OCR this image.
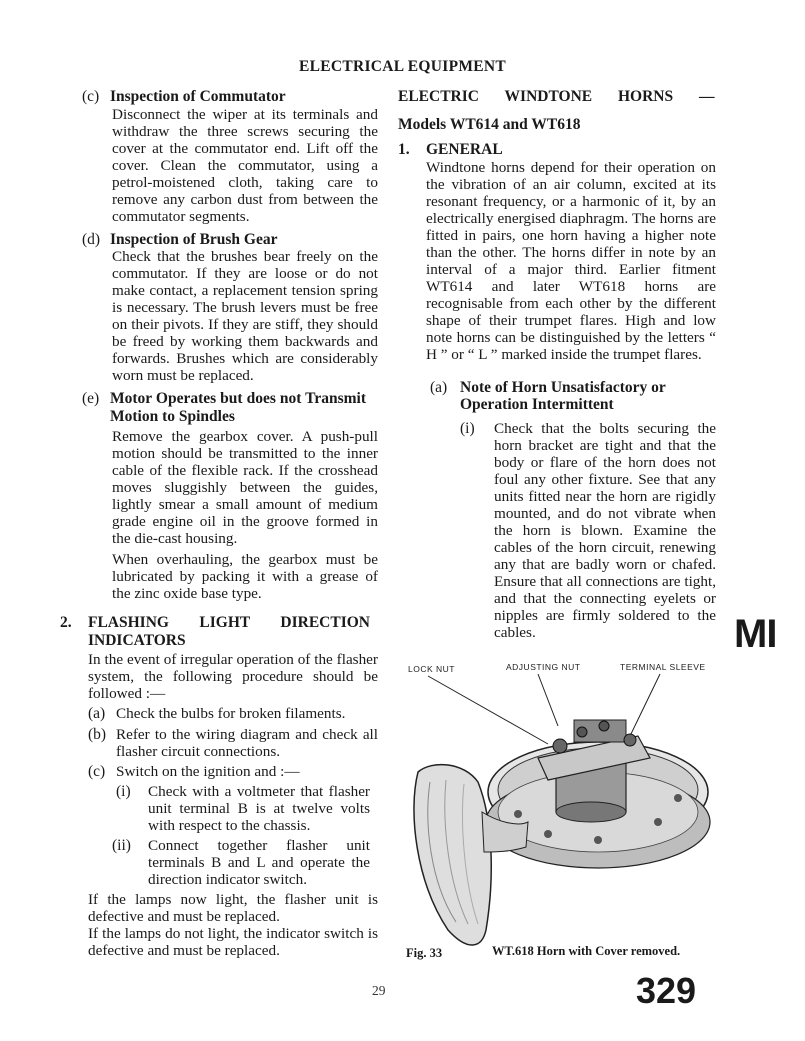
ELECTRICAL EQUIPMENT
(c) Inspection of Commutator

Disconnect the wiper at its terminals and withdraw the three screws securing the cover at the commutator end. Lift off the cover. Clean the commutator, using a petrol-moistened cloth, taking care to remove any carbon dust from between the commutator segments.

(d) Inspection of Brush Gear

Check that the brushes bear freely on the commutator. If they are loose or do not make contact, a replacement tension spring is necessary. The brush levers must be free on their pivots. If they are stiff, they should be freed by working them backwards and forwards. Brushes which are considerably worn must be replaced.

(e) Motor Operates but does not Transmit Motion to Spindles

Remove the gearbox cover. A push-pull motion should be transmitted to the inner cable of the flexible rack. If the crosshead moves sluggishly between the guides, lightly smear a small amount of medium grade engine oil in the groove formed in the die-cast housing.

When overhauling, the gearbox must be lubricated by packing it with a grease of the zinc oxide base type.

2.	FLASHING LIGHT DIRECTION INDICATORS

In the event of irregular operation of the flasher system, the following procedure should be followed :—

(a) Check the bulbs for broken filaments.
(b) Refer to the wiring diagram and check all flasher circuit connections.
(c) Switch on the ignition and :—
(i)	Check with a voltmeter that flasher unit terminal B is at twelve volts with respect to the chassis.
(ii)	Connect together flasher unit terminals B and L and operate the direction indicator switch.

If the lamps now light, the flasher unit is defective and must be replaced.

If the lamps do not light, the indicator switch is defective and must be replaced.

ELECTRIC WINDTONE HORNS —
Models WT614 and WT618
1.	GENERAL

Windtone horns depend for their operation on the vibration of an air column, excited at its resonant frequency, or a harmonic of it, by an electrically energised diaphragm. The horns are fitted in pairs, one horn having a higher note than the other. The horns differ in note by an interval of a major third. Earlier fitment WT614 and later WT618 horns are recognisable from each other by the different shape of their trumpet flares. High and low note horns can be distinguished by the letters “ H ” or “ L ” marked inside the trumpet flares.

(a) Note of Horn Unsatisfactory or Operation Intermittent
(i)	Check that the bolts securing the horn bracket are tight and that the body or flare of the horn does not foul any other fixture. See that any units fitted near the horn are rigidly mounted, and do not vibrate when the horn is blown. Examine the cables of the horn circuit, renewing any that are badly worn or chafed. Ensure that all connections are tight, and that the connecting eyelets or nipples are firmly soldered to the cables.	MI
LOCK NUT	ADJUSTING NUT	TERMINAL SLEEVE
Fig. 33	WT.618 Horn with Cover removed.
29	329
